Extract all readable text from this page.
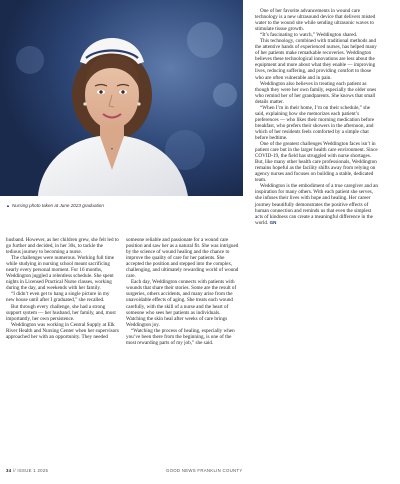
▲ Nursing photo taken at June 2023 graduation

husband. However, as her children grew, she felt led to go further and decided, in her 30s, to tackle the tedious journey to becoming a nurse.

The challenges were numerous. Working full time while studying in nursing school meant sacrificing nearly every personal moment. For 16 months, Weddington juggled a relentless schedule. She spent nights in Licensed Practical Nurse classes, working during the day, and weekends with her family.

“I didn’t even get to hang a single picture in my new house until after I graduated,” she recalled.

But through every challenge, she had a strong support system — her husband, her family, and, most importantly, her own persistence.

Weddington was working in Central Supply at Elk River Health and Nursing Center when her supervisors approached her with an opportunity. They needed

someone reliable and passionate for a wound care position and saw her as a natural fit. She was intrigued by the science of wound healing and the chance to improve the quality of care for her patients. She accepted the position and stepped into the complex, challenging, and ultimately rewarding world of wound care.

Each day, Weddington connects with patients with wounds that share their stories. Some are the result of surgeries, others accidents, and many arise from the unavoidable effects of aging. She treats each wound carefully, with the skill of a nurse and the heart of someone who sees her patients as individuals. Watching the skin heal after weeks of care brings Weddington joy.

“Watching the process of healing, especially when you’ve been there from the beginning, is one of the most rewarding parts of my job,” she said.

One of her favorite advancements in wound care technology is a new ultrasound device that delivers misted water to the wound site while sending ultrasonic waves to stimulate tissue growth.

“It’s fascinating to watch,” Weddington shared.

This technology, combined with traditional methods and the attentive hands of experienced nurses, has helped many of her patients make remarkable recoveries. Weddington believes these technological innovations are less about the equipment and more about what they enable — improving lives, reducing suffering, and providing comfort to those who are often vulnerable and in pain.

Weddington also believes in treating each patient as though they were her own family, especially the older ones who remind her of her grandparents. She knows that small details matter.

“When I’m in their home, I’m on their schedule,” she said, explaining how she memorizes each patient’s preferences — who likes their morning medication before breakfast, who prefers their showers in the afternoon, and which of her residents feels comforted by a simple chat before bedtime.

One of the greatest challenges Weddington faces isn’t in patient care but in the larger health care environment. Since COVID-19, the field has struggled with nurse shortages. But, like many other health care professionals, Weddington remains hopeful as the facility shifts away from relying on agency nurses and focuses on building a stable, dedicated team.

Weddington is the embodiment of a true caregiver and an inspiration for many others. With each patient she serves, she infuses their lives with hope and healing. Her career journey beautifully demonstrates the positive effects of human connection and reminds us that even the simplest acts of kindness can create a meaningful difference in the world. GN

34 // ISSUE 1 2025	GOOD NEWS FRANKLIN COUNTY
